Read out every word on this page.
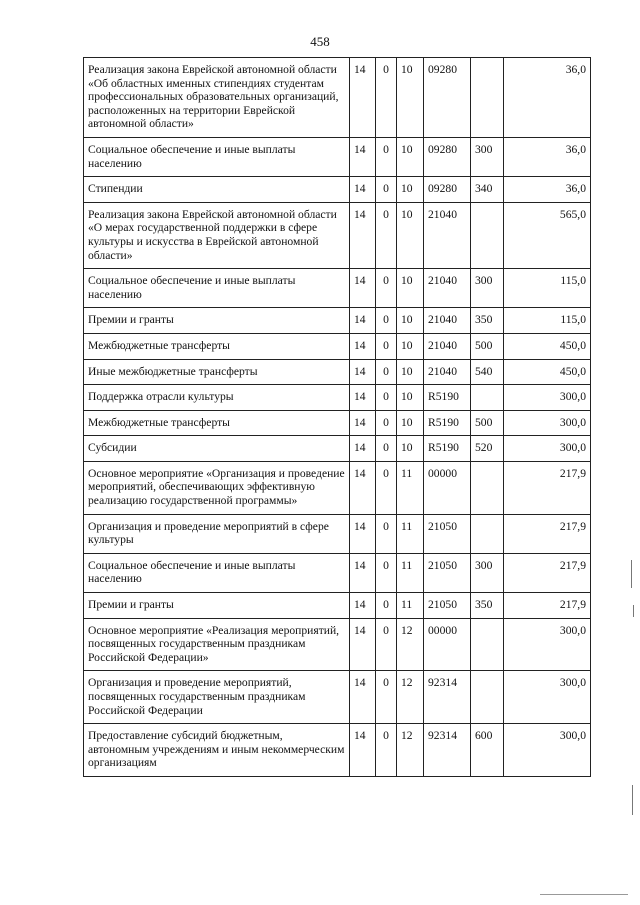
458
Реализация закона Еврейской автономной области «Об областных именных стипендиях студентам профессиональных образовательных организаций, расположенных на территории Еврейской автономной области»	14	0	10	09280		36,0
Социальное обеспечение и иные выплаты населению	14	0	10	09280	300	36,0
Стипендии	14	0	10	09280	340	36,0
Реализация закона Еврейской автономной области «О мерах государственной поддержки в сфере культуры и искусства в Еврейской автономной области»	14	0	10	21040		565,0
Социальное обеспечение и иные выплаты населению	14	0	10	21040	300	115,0
Премии и гранты	14	0	10	21040	350	115,0
Межбюджетные трансферты	14	0	10	21040	500	450,0
Иные межбюджетные трансферты	14	0	10	21040	540	450,0
Поддержка отрасли культуры	14	0	10	R5190		300,0
Межбюджетные трансферты	14	0	10	R5190	500	300,0
Субсидии	14	0	10	R5190	520	300,0
Основное мероприятие «Организация и проведение мероприятий, обеспечивающих эффективную реализацию государственной программы»	14	0	11	00000		217,9
Организация и проведение мероприятий в сфере культуры	14	0	11	21050		217,9
Социальное обеспечение и иные выплаты населению	14	0	11	21050	300	217,9
Премии и гранты	14	0	11	21050	350	217,9
Основное мероприятие «Реализация мероприятий, посвященных государственным праздникам Российской Федерации»	14	0	12	00000		300,0
Организация и проведение мероприятий, посвященных государственным праздникам Российской Федерации	14	0	12	92314		300,0
Предоставление субсидий бюджетным, автономным учреждениям и иным некоммерческим организациям	14	0	12	92314	600	300,0
